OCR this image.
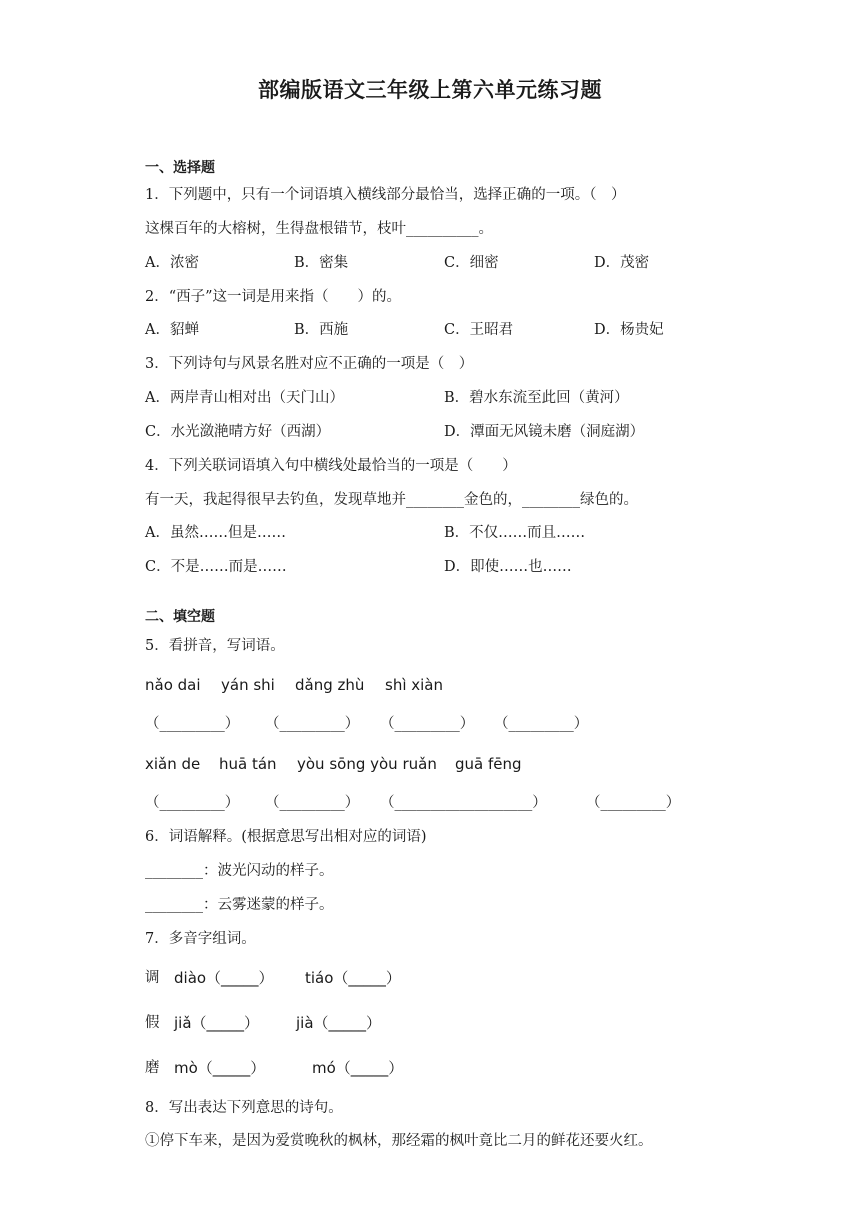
部编版语文三年级上第六单元练习题
一、选择题
1．下列题中，只有一个词语填入横线部分最恰当，选择正确的一项。（　）
这棵百年的大榕树，生得盘根错节，枝叶__________。
A．浓密	B．密集	C．细密	D．茂密
2．“西子”这一词是用来指（　　）的。
A．貂蝉	B．西施	C．王昭君	D．杨贵妃
3．下列诗句与风景名胜对应不正确的一项是（　）
A．两岸青山相对出（天门山）	B．碧水东流至此回（黄河）
C．水光潋滟晴方好（西湖）	D．潭面无风镜未磨（洞庭湖）
4．下列关联词语填入句中横线处最恰当的一项是（　　）
有一天，我起得很早去钓鱼，发现草地并________金色的，________绿色的。
A．虽然……但是……	B．不仅……而且……
C．不是……而是……	D．即使……也……
二、填空题
5．看拼音，写词语。
nǎo dai yán shi dǎng zhù shì xiàn
（_________） （_________） （_________） （_________）
xiǎn de huā tán yòu sōng yòu ruǎn guā fēng
（_________） （_________） （___________________）	（_________）
6．词语解释。(根据意思写出相对应的词语)
________：波光闪动的样子。
________：云雾迷蒙的样子。
7．多音字组词。
调 diào（_____） tiáo（_____）
假 jiǎ（_____） jià（_____）
磨 mò（_____）	mó（_____）
8．写出表达下列意思的诗句。
①停下车来，是因为爱赏晚秋的枫林，那经霜的枫叶竟比二月的鲜花还要火红。
